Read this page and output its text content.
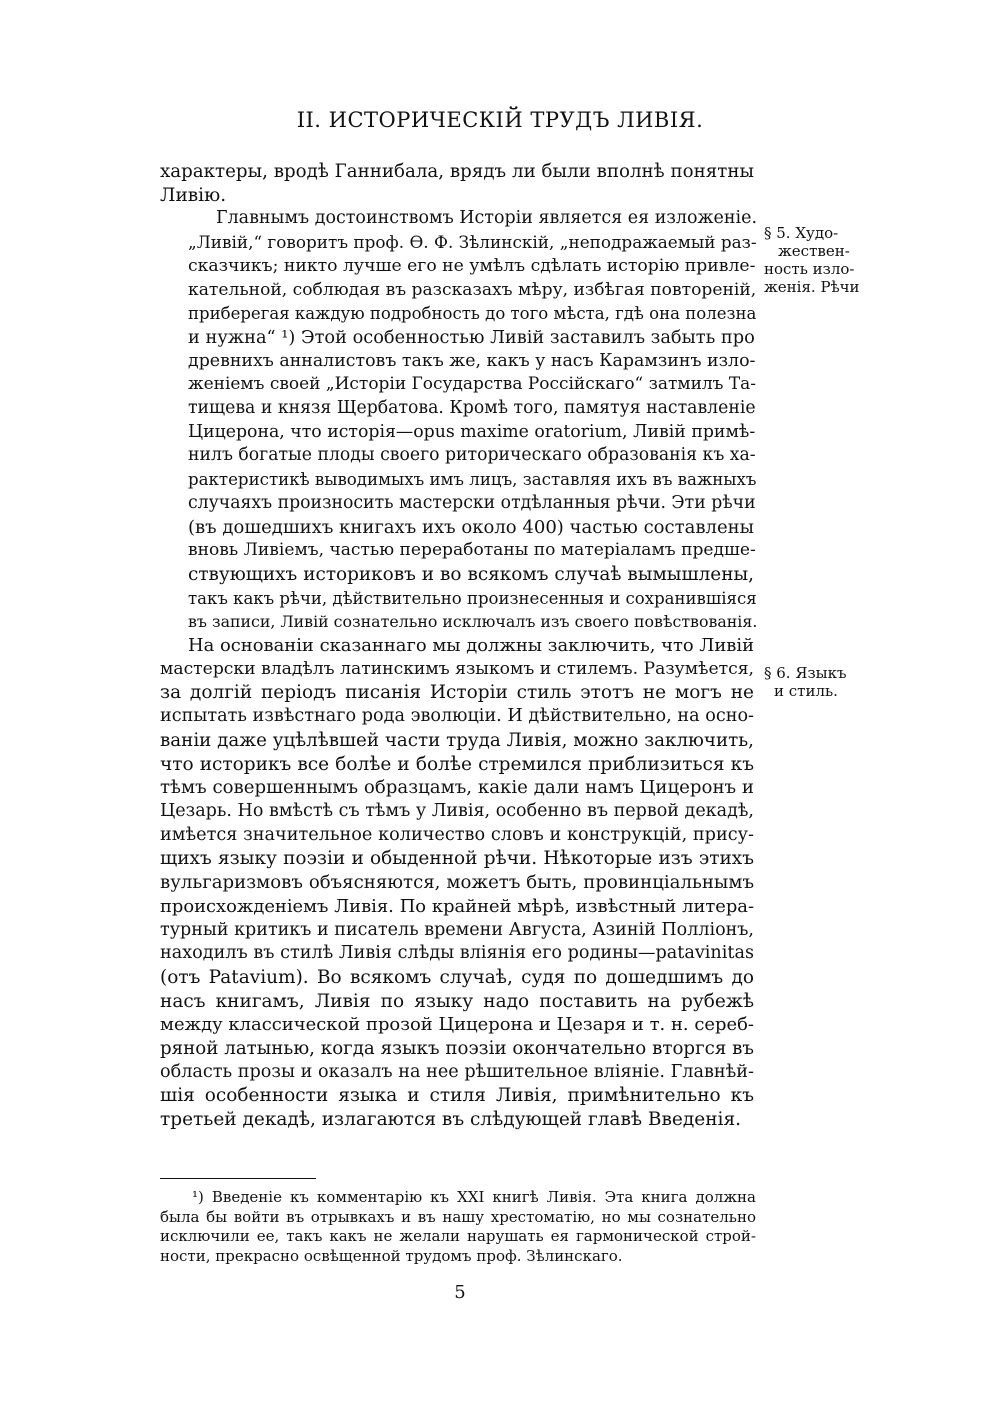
II. ИСТОРИЧЕСКІЙ ТРУДЪ ЛИВІЯ.

характеры, вродѣ Ганнибала, врядъ ли были вполнѣ понятны
Ливію.

Главнымъ достоинствомъ Исторіи является ея изложеніе.
„Ливій,“ говоритъ проф. Ѳ. Ф. Зѣлинскій, „неподражаемый раз-
сказчикъ; никто лучше его не умѣлъ сдѣлать исторію привле-
кательной, соблюдая въ разсказахъ мѣру, избѣгая повтореній,
приберегая каждую подробность до того мѣста, гдѣ она полезна
и нужна“ ¹) Этой особенностью Ливій заставилъ забыть про
древнихъ анналистовъ такъ же, какъ у насъ Карамзинъ изло-
женіемъ своей „Исторіи Государства Россійскаго“ затмилъ Та-
тищева и князя Щербатова. Кромѣ того, памятуя наставленіе
Цицерона, что исторія—opus maxime oratorium, Ливій примѣ-
нилъ богатые плоды своего риторическаго образованія къ ха-
рактеристикѣ выводимыхъ имъ лицъ, заставляя ихъ въ важныхъ
случаяхъ произносить мастерски отдѣланныя рѣчи. Эти рѣчи
(въ дошедшихъ книгахъ ихъ около 400) частью составлены
вновь Ливіемъ, частью переработаны по матеріаламъ предше-
ствующихъ историковъ и во всякомъ случаѣ вымышлены,
такъ какъ рѣчи, дѣйствительно произнесенныя и сохранившіяся
въ записи, Ливій сознательно исключалъ изъ своего повѣствованія.

На основаніи сказаннаго мы должны заключить, что Ливій
мастерски владѣлъ латинскимъ языкомъ и стилемъ. Разумѣется,
за долгій періодъ писанія Исторіи стиль этотъ не могъ не
испытать извѣстнаго рода эволюціи. И дѣйствительно, на осно-
ваніи даже уцѣлѣвшей части труда Ливія, можно заключить,
что историкъ все болѣе и болѣе стремился приблизиться къ
тѣмъ совершеннымъ образцамъ, какіе дали намъ Цицеронъ и
Цезарь. Но вмѣстѣ съ тѣмъ у Ливія, особенно въ первой декадѣ,
имѣется значительное количество словъ и конструкцій, прису-
щихъ языку поэзіи и обыденной рѣчи. Нѣкоторые изъ этихъ
вульгаризмовъ объясняются, можетъ быть, провинціальнымъ
происхожденіемъ Ливія. По крайней мѣрѣ, извѣстный литера-
турный критикъ и писатель времени Августа, Азиній Полліонъ,
находилъ въ стилѣ Ливія слѣды вліянія его родины—patavinitas
(отъ Patavium). Во всякомъ случаѣ, судя по дошедшимъ до
насъ книгамъ, Ливія по языку надо поставить на рубежѣ
между классической прозой Цицерона и Цезаря и т. н. сереб-
ряной латынью, когда языкъ поэзіи окончательно вторгся въ
область прозы и оказалъ на нее рѣшительное вліяніе. Главнѣй-
шія особенности языка и стиля Ливія, примѣнительно къ
третьей декадѣ, излагаются въ слѣдующей главѣ Введенія.

§ 5. Худо-
жествен-
ность изло-
женія. Рѣчи
§ 6. Языкъ
и стиль.
¹) Введеніе къ комментарію къ XXI книгѣ Ливія. Эта книга должна
была бы войти въ отрывкахъ и въ нашу хрестоматію, но мы сознательно
исключили ее, такъ какъ не желали нарушать ея гармонической строй-
ности, прекрасно освѣщенной трудомъ проф. Зѣлинскаго.
5
